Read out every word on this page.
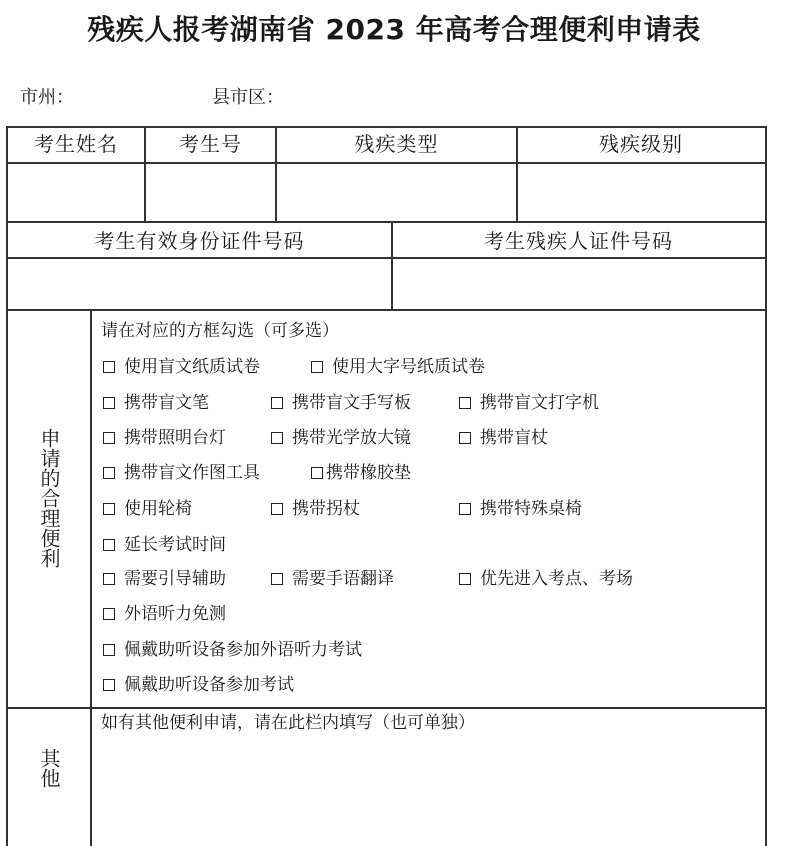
残疾人报考湖南省 2023 年高考合理便利申请表
市州：	县市区：
考生姓名	考生号	残疾类型	残疾级别
考生有效身份证件号码	考生残疾人证件号码
申请的合理便利
请在对应的方框勾选（可多选）
使用盲文纸质试卷	使用大字号纸质试卷
携带盲文笔	携带盲文手写板	携带盲文打字机
携带照明台灯	携带光学放大镜	携带盲杖
携带盲文作图工具	携带橡胶垫
使用轮椅	携带拐杖	携带特殊桌椅
延长考试时间
需要引导辅助	需要手语翻译	优先进入考点、考场
外语听力免测
佩戴助听设备参加外语听力考试
佩戴助听设备参加考试
其他
如有其他便利申请，请在此栏内填写（也可单独）
